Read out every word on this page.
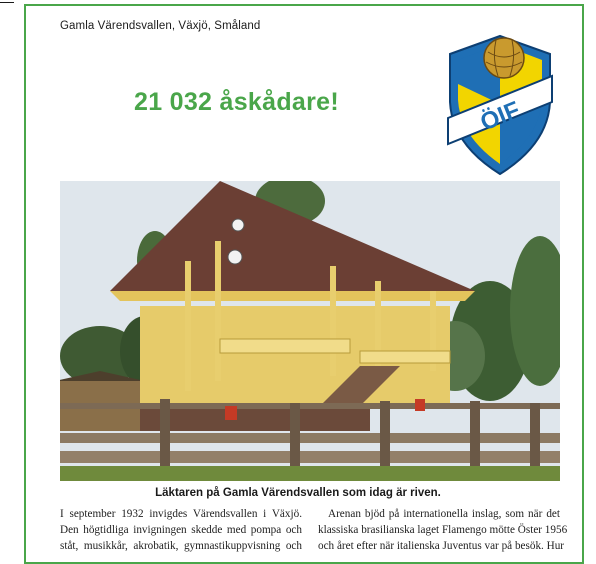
Gamla Värendsvallen, Växjö, Småland
21 032 åskådare!	ÖIF
Läktaren på Gamla Värendsvallen som idag är riven.

I september 1932 invigdes Värendsvallen i Växjö.
Den högtidliga invigningen skedde med pompa och
ståt, musikkår, akrobatik, gymnastikuppvisning och

Arenan bjöd på internationella inslag, som när det
klassiska brasilianska laget Flamengo mötte Öster 1956
och året efter när italienska Juventus var på besök. Hur
